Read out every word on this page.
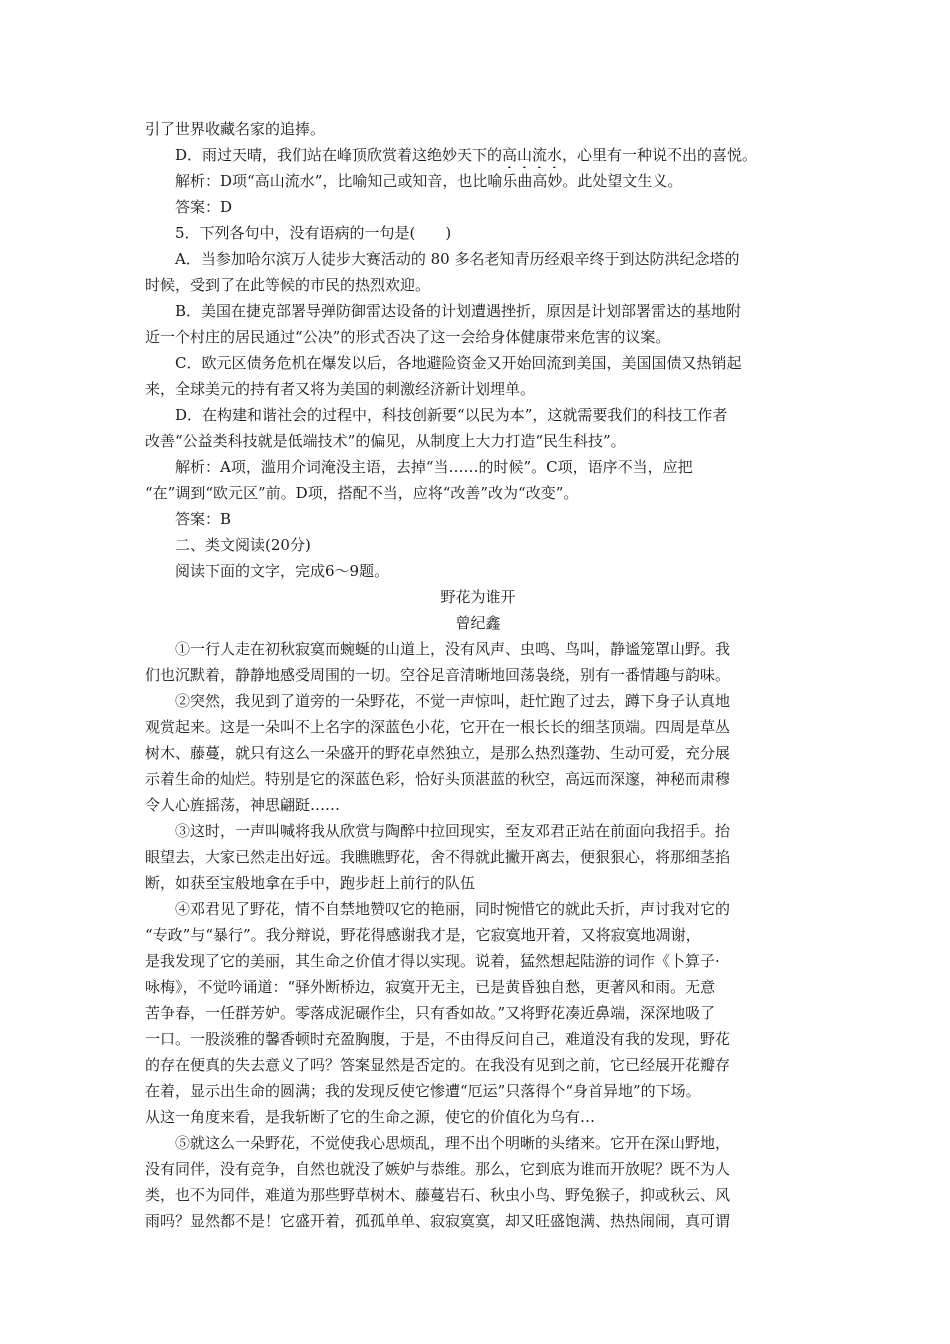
引了世界收藏名家的追捧。
D．雨过天晴，我们站在峰顶欣赏着这绝妙天下的高山流水，心里有一种说不出的喜悦。
解析：D项“高山流水”，比喻知己或知音，也比喻乐曲高妙。此处望文生义。
答案：D
5．下列各句中，没有语病的一句是(　　)
A．当参加哈尔滨万人徒步大赛活动的 80 多名老知青历经艰辛终于到达防洪纪念塔的
时候，受到了在此等候的市民的热烈欢迎。
B．美国在捷克部署导弹防御雷达设备的计划遭遇挫折，原因是计划部署雷达的基地附
近一个村庄的居民通过“公决”的形式否决了这一会给身体健康带来危害的议案。
C．欧元区债务危机在爆发以后，各地避险资金又开始回流到美国，美国国债又热销起
来，全球美元的持有者又将为美国的刺激经济新计划埋单。
D．在构建和谐社会的过程中，科技创新要“以民为本”，这就需要我们的科技工作者
改善“公益类科技就是低端技术”的偏见，从制度上大力打造“民生科技”。
解析：A项，滥用介词淹没主语，去掉“当……的时候”。C项，语序不当，应把
“在”调到“欧元区”前。D项，搭配不当，应将“改善”改为“改变”。
答案：B
二、类文阅读(20分)
阅读下面的文字，完成6～9题。
野花为谁开
曾纪鑫
①一行人走在初秋寂寞而蜿蜒的山道上，没有风声、虫鸣、鸟叫，静谧笼罩山野。我
们也沉默着，静静地感受周围的一切。空谷足音清晰地回荡袅绕，别有一番情趣与韵味。
②突然，我见到了道旁的一朵野花，不觉一声惊叫，赶忙跑了过去，蹲下身子认真地
观赏起来。这是一朵叫不上名字的深蓝色小花，它开在一根长长的细茎顶端。四周是草丛
树木、藤蔓，就只有这么一朵盛开的野花卓然独立，是那么热烈蓬勃、生动可爱，充分展
示着生命的灿烂。特别是它的深蓝色彩，恰好头顶湛蓝的秋空，高远而深邃，神秘而肃穆
令人心旌摇荡，神思翩跹……
③这时，一声叫喊将我从欣赏与陶醉中拉回现实，至友邓君正站在前面向我招手。抬
眼望去，大家已然走出好远。我瞧瞧野花，舍不得就此撇开离去，便狠狠心，将那细茎掐
断，如获至宝般地拿在手中，跑步赶上前行的队伍
④邓君见了野花，情不自禁地赞叹它的艳丽，同时惋惜它的就此夭折，声讨我对它的
“专政”与“暴行”。我分辩说，野花得感谢我才是，它寂寞地开着，又将寂寞地凋谢，
是我发现了它的美丽，其生命之价值才得以实现。说着，猛然想起陆游的词作《卜算子·
咏梅》，不觉吟诵道：“驿外断桥边，寂寞开无主，已是黄昏独自愁，更著风和雨。无意
苦争春，一任群芳妒。零落成泥碾作尘，只有香如故。”又将野花凑近鼻端，深深地吸了
一口。一股淡雅的馨香顿时充盈胸腹，于是，不由得反问自己，难道没有我的发现，野花
的存在便真的失去意义了吗？答案显然是否定的。在我没有见到之前，它已经展开花瓣存
在着，显示出生命的圆满；我的发现反使它惨遭“厄运”只落得个“身首异地”的下场。
从这一角度来看，是我斩断了它的生命之源，使它的价值化为乌有…
⑤就这么一朵野花，不觉使我心思烦乱，理不出个明晰的头绪来。它开在深山野地，
没有同伴，没有竞争，自然也就没了嫉妒与恭维。那么，它到底为谁而开放呢？既不为人
类，也不为同伴，难道为那些野草树木、藤蔓岩石、秋虫小鸟、野兔猴子，抑或秋云、风
雨吗？显然都不是！它盛开着，孤孤单单、寂寂寞寞，却又旺盛饱满、热热闹闹，真可谓
